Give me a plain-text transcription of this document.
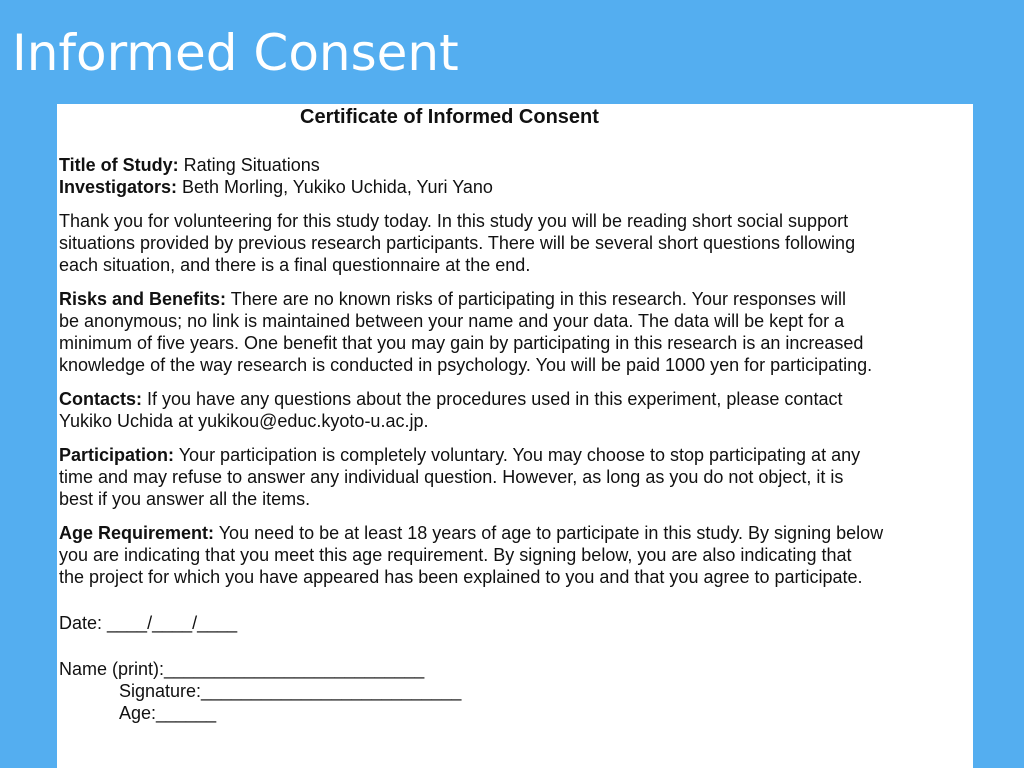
Informed Consent
Certificate of Informed Consent

Title of Study: Rating Situations

Investigators: Beth Morling, Yukiko Uchida, Yuri Yano

Thank you for volunteering for this study today. In this study you will be reading short social support

situations provided by previous research participants. There will be several short questions following

each situation, and there is a final questionnaire at the end.

Risks and Benefits: There are no known risks of participating in this research. Your responses will

be anonymous; no link is maintained between your name and your data. The data will be kept for a

minimum of five years. One benefit that you may gain by participating in this research is an increased

knowledge of the way research is conducted in psychology. You will be paid 1000 yen for participating.

Contacts: If you have any questions about the procedures used in this experiment, please contact

Yukiko Uchida at yukikou@educ.kyoto-u.ac.jp.

Participation: Your participation is completely voluntary. You may choose to stop participating at any

time and may refuse to answer any individual question. However, as long as you do not object, it is

best if you answer all the items.

Age Requirement: You need to be at least 18 years of age to participate in this study. By signing below

you are indicating that you meet this age requirement. By signing below, you are also indicating that

the project for which you have appeared has been explained to you and that you agree to participate.

Date: ____/____/____

Name (print):__________________________

Signature:__________________________

Age:______
